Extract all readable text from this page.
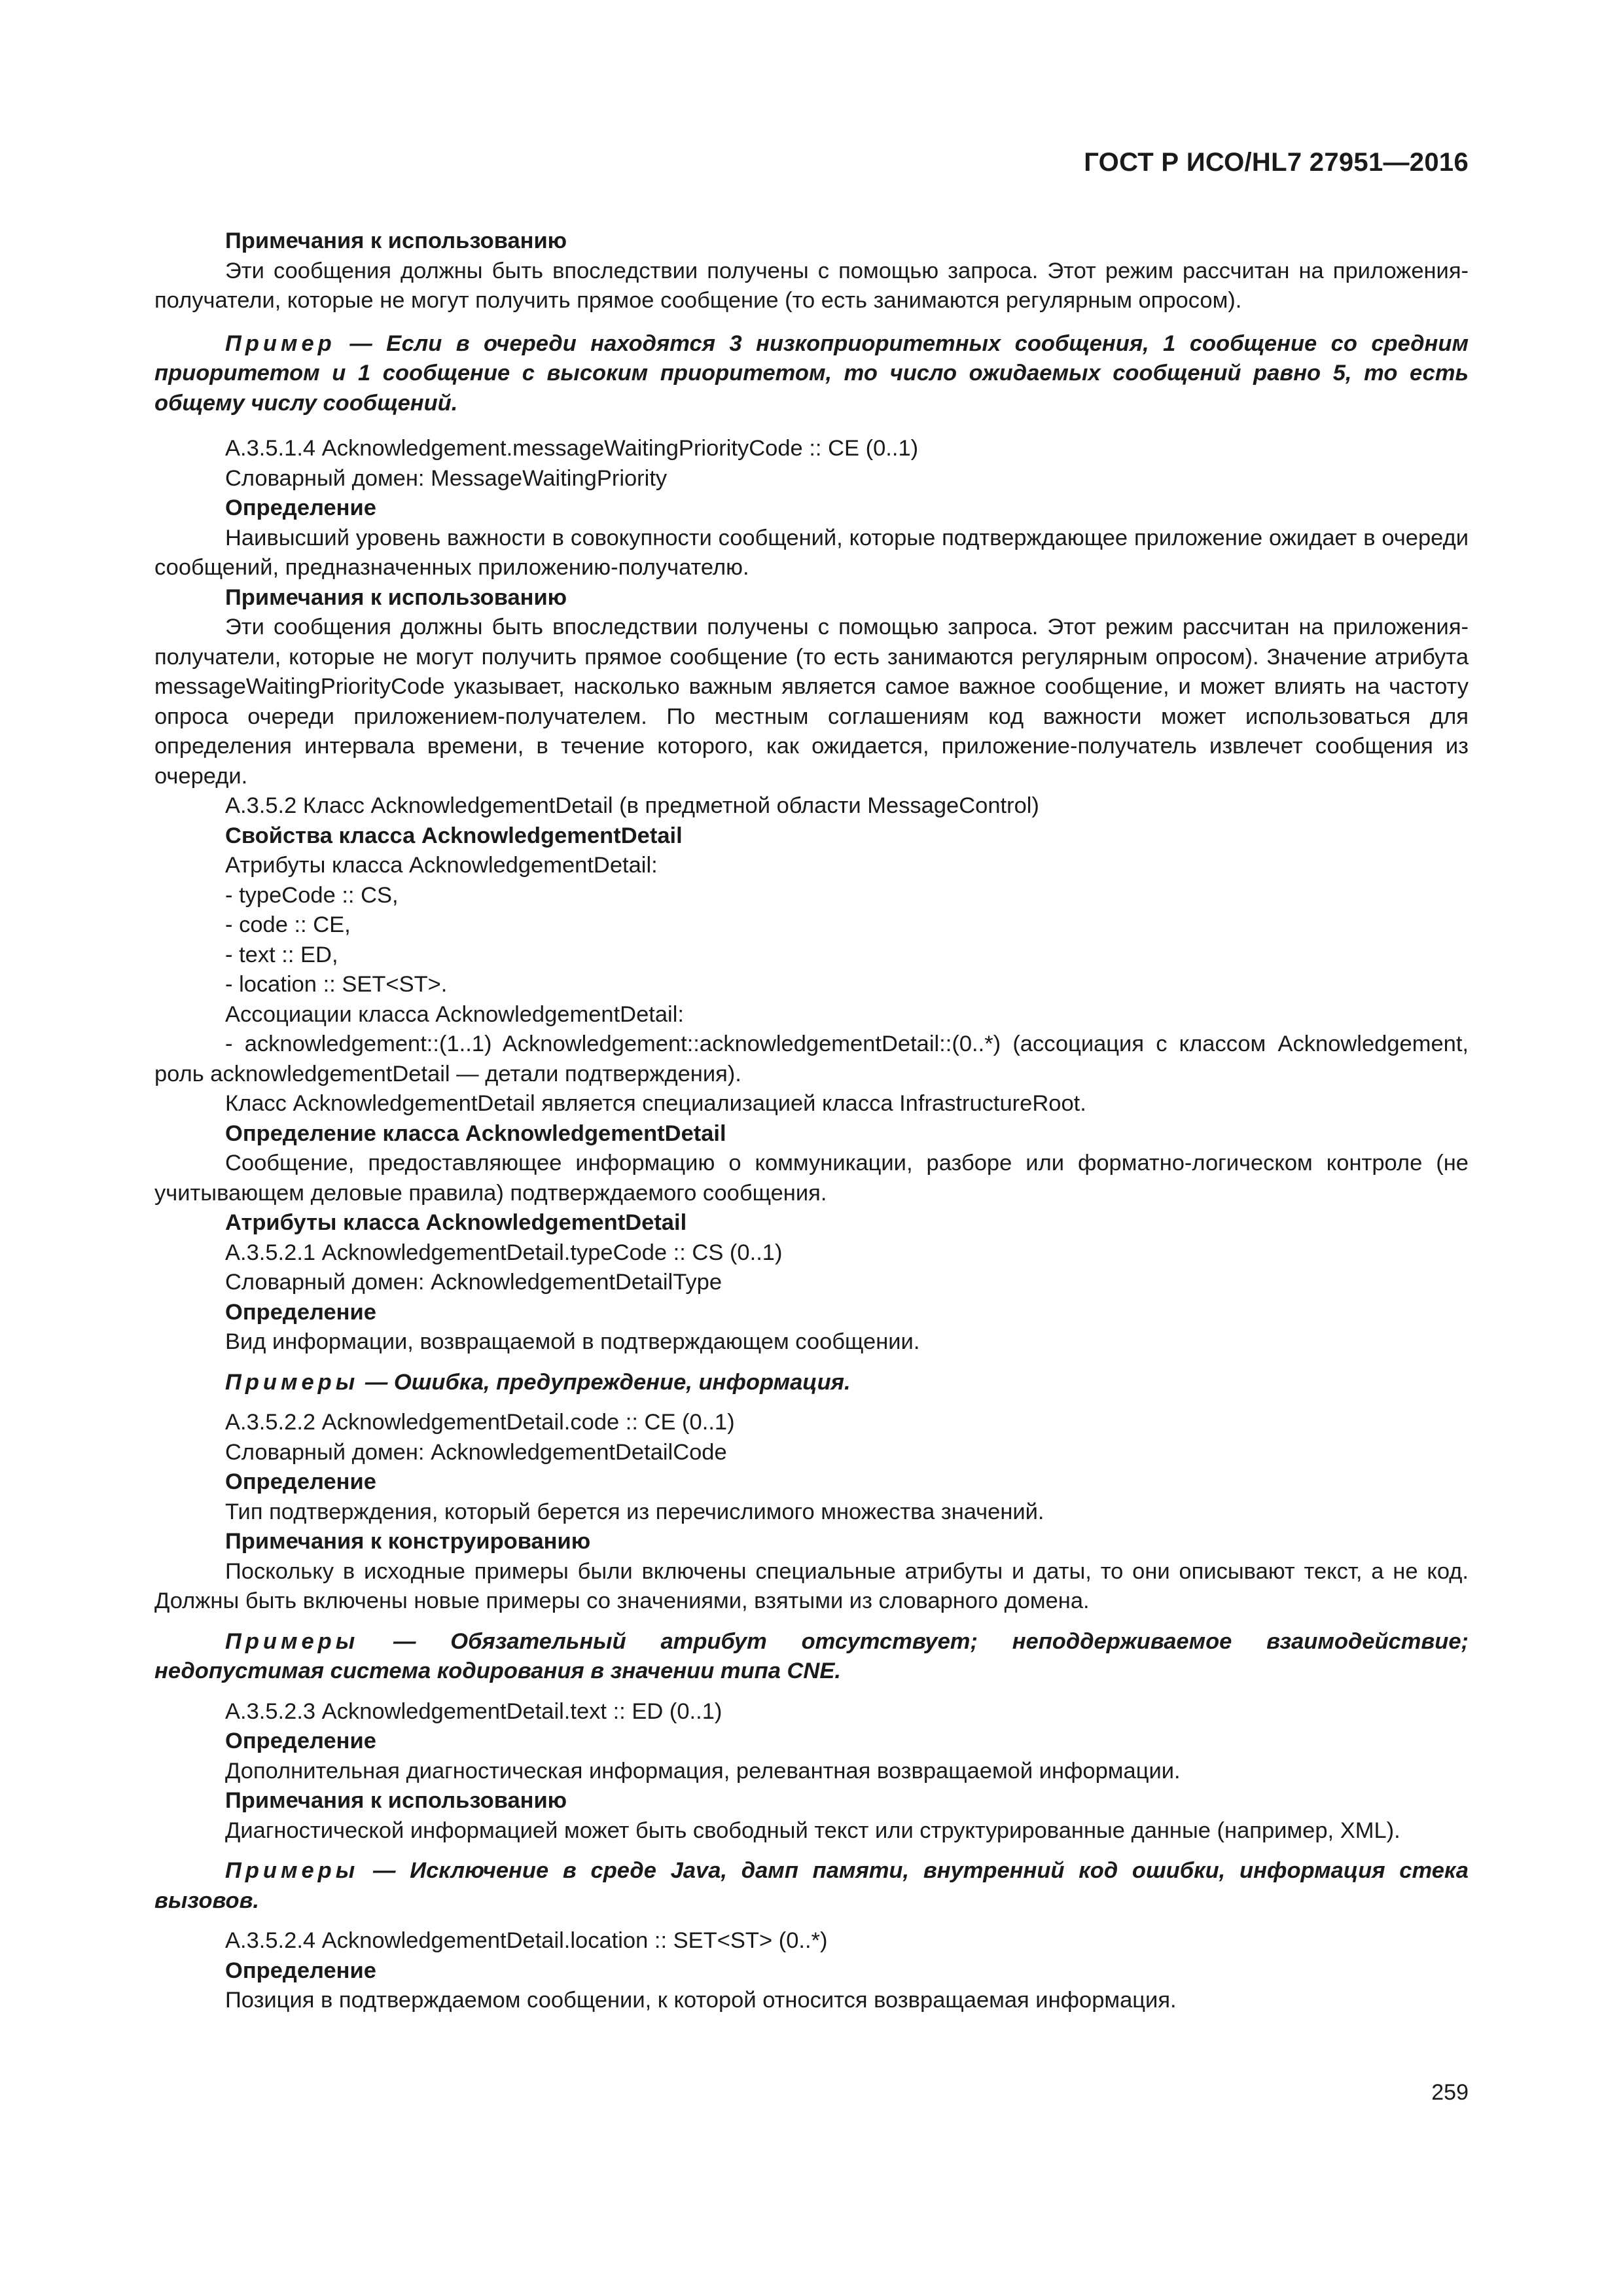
ГОСТ Р ИСО/HL7 27951—2016
Примечания к использованию
Эти сообщения должны быть впоследствии получены с помощью запроса. Этот режим рассчитан на приложения-получатели, которые не могут получить прямое сообщение (то есть занимаются регулярным опросом).
Пример — Если в очереди находятся 3 низкоприоритетных сообщения, 1 сообщение со средним приоритетом и 1 сообщение с высоким приоритетом, то число ожидаемых сообщений равно 5, то есть общему числу сообщений.
А.3.5.1.4 Acknowledgement.messageWaitingPriorityCode :: CE (0..1)
Словарный домен: MessageWaitingPriority
Определение
Наивысший уровень важности в совокупности сообщений, которые подтверждающее приложение ожидает в очереди сообщений, предназначенных приложению-получателю.
Примечания к использованию
Эти сообщения должны быть впоследствии получены с помощью запроса. Этот режим рассчитан на приложения-получатели, которые не могут получить прямое сообщение (то есть занимаются регулярным опросом). Значение атрибута messageWaitingPriorityCode указывает, насколько важным является самое важное сообщение, и может влиять на частоту опроса очереди приложением-получателем. По местным соглашениям код важности может использоваться для определения интервала времени, в течение которого, как ожидается, приложение-получатель извлечет сообщения из очереди.
А.3.5.2 Класс AcknowledgementDetail (в предметной области MessageControl)
Свойства класса AcknowledgementDetail
Атрибуты класса AcknowledgementDetail:
- typeCode :: CS,
- code :: CE,
- text :: ED,
- location :: SET<ST>.
Ассоциации класса AcknowledgementDetail:
- acknowledgement::(1..1) Acknowledgement::acknowledgementDetail::(0..*) (ассоциация с классом Acknowledgement, роль acknowledgementDetail — детали подтверждения).
Класс AcknowledgementDetail является специализацией класса InfrastructureRoot.
Определение класса AcknowledgementDetail
Сообщение, предоставляющее информацию о коммуникации, разборе или форматно-логическом контроле (не учитывающем деловые правила) подтверждаемого сообщения.
Атрибуты класса AcknowledgementDetail
А.3.5.2.1 AcknowledgementDetail.typeCode :: CS (0..1)
Словарный домен: AcknowledgementDetailType
Определение
Вид информации, возвращаемой в подтверждающем сообщении.
Примеры — Ошибка, предупреждение, информация.
А.3.5.2.2 AcknowledgementDetail.code :: CE (0..1)
Словарный домен: AcknowledgementDetailCode
Определение
Тип подтверждения, который берется из перечислимого множества значений.
Примечания к конструированию
Поскольку в исходные примеры были включены специальные атрибуты и даты, то они описывают текст, а не код. Должны быть включены новые примеры со значениями, взятыми из словарного домена.
Примеры — Обязательный атрибут отсутствует; неподдерживаемое взаимодействие; недопустимая система кодирования в значении типа CNE.
А.3.5.2.3 AcknowledgementDetail.text :: ED (0..1)
Определение
Дополнительная диагностическая информация, релевантная возвращаемой информации.
Примечания к использованию
Диагностической информацией может быть свободный текст или структурированные данные (например, XML).
Примеры — Исключение в среде Java, дамп памяти, внутренний код ошибки, информация стека вызовов.
А.3.5.2.4 AcknowledgementDetail.location :: SET<ST> (0..*)
Определение
Позиция в подтверждаемом сообщении, к которой относится возвращаемая информация.
259
